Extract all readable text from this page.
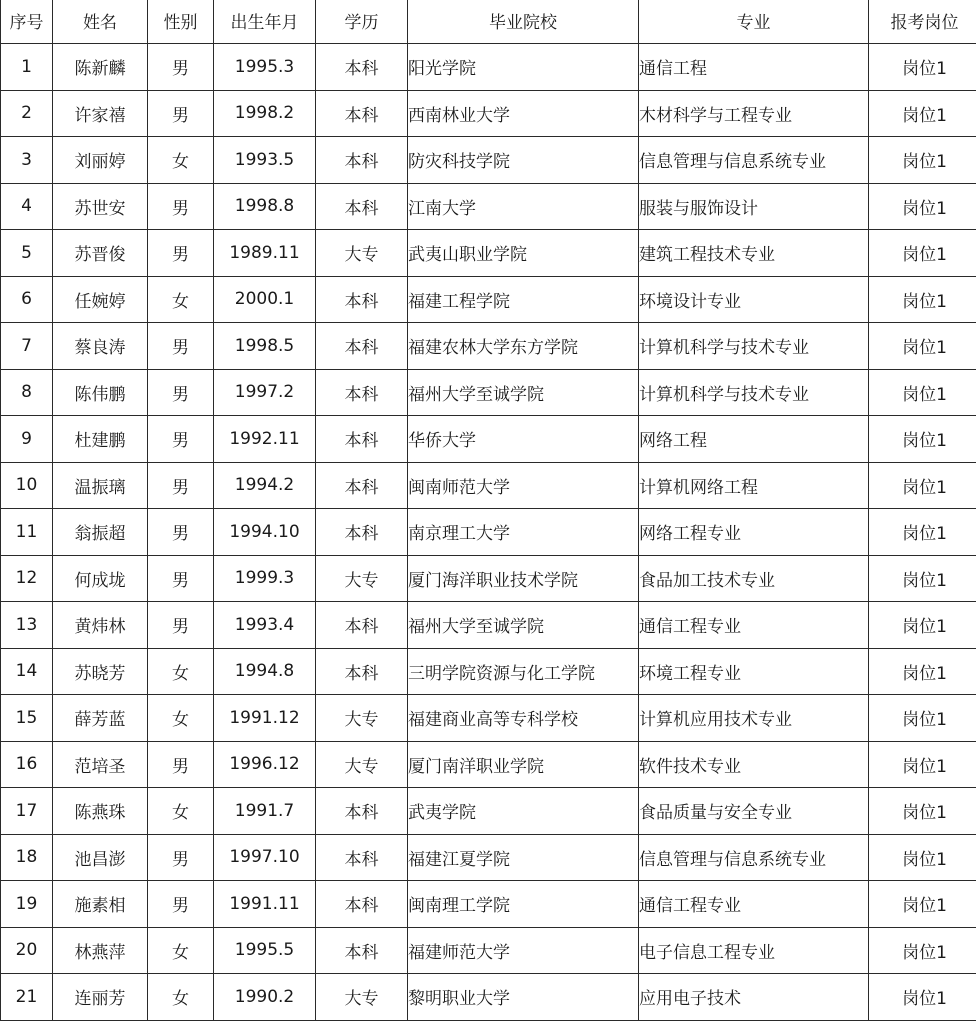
序号	姓名	性别	出生年月	学历	毕业院校	专业	报考岗位
1	陈新麟	男	1995.3	本科	阳光学院	通信工程	岗位1
2	许家禧	男	1998.2	本科	西南林业大学	木材科学与工程专业	岗位1
3	刘丽婷	女	1993.5	本科	防灾科技学院	信息管理与信息系统专业	岗位1
4	苏世安	男	1998.8	本科	江南大学	服装与服饰设计	岗位1
5	苏晋俊	男	1989.11	大专	武夷山职业学院	建筑工程技术专业	岗位1
6	任婉婷	女	2000.1	本科	福建工程学院	环境设计专业	岗位1
7	蔡良涛	男	1998.5	本科	福建农林大学东方学院	计算机科学与技术专业	岗位1
8	陈伟鹏	男	1997.2	本科	福州大学至诚学院	计算机科学与技术专业	岗位1
9	杜建鹏	男	1992.11	本科	华侨大学	网络工程	岗位1
10	温振璃	男	1994.2	本科	闽南师范大学	计算机网络工程	岗位1
11	翁振超	男	1994.10	本科	南京理工大学	网络工程专业	岗位1
12	何成垅	男	1999.3	大专	厦门海洋职业技术学院	食品加工技术专业	岗位1
13	黄炜林	男	1993.4	本科	福州大学至诚学院	通信工程专业	岗位1
14	苏晓芳	女	1994.8	本科	三明学院资源与化工学院	环境工程专业	岗位1
15	薛芳蓝	女	1991.12	大专	福建商业高等专科学校	计算机应用技术专业	岗位1
16	范培圣	男	1996.12	大专	厦门南洋职业学院	软件技术专业	岗位1
17	陈燕珠	女	1991.7	本科	武夷学院	食品质量与安全专业	岗位1
18	池昌澎	男	1997.10	本科	福建江夏学院	信息管理与信息系统专业	岗位1
19	施素相	男	1991.11	本科	闽南理工学院	通信工程专业	岗位1
20	林燕萍	女	1995.5	本科	福建师范大学	电子信息工程专业	岗位1
21	连丽芳	女	1990.2	大专	黎明职业大学	应用电子技术	岗位1
